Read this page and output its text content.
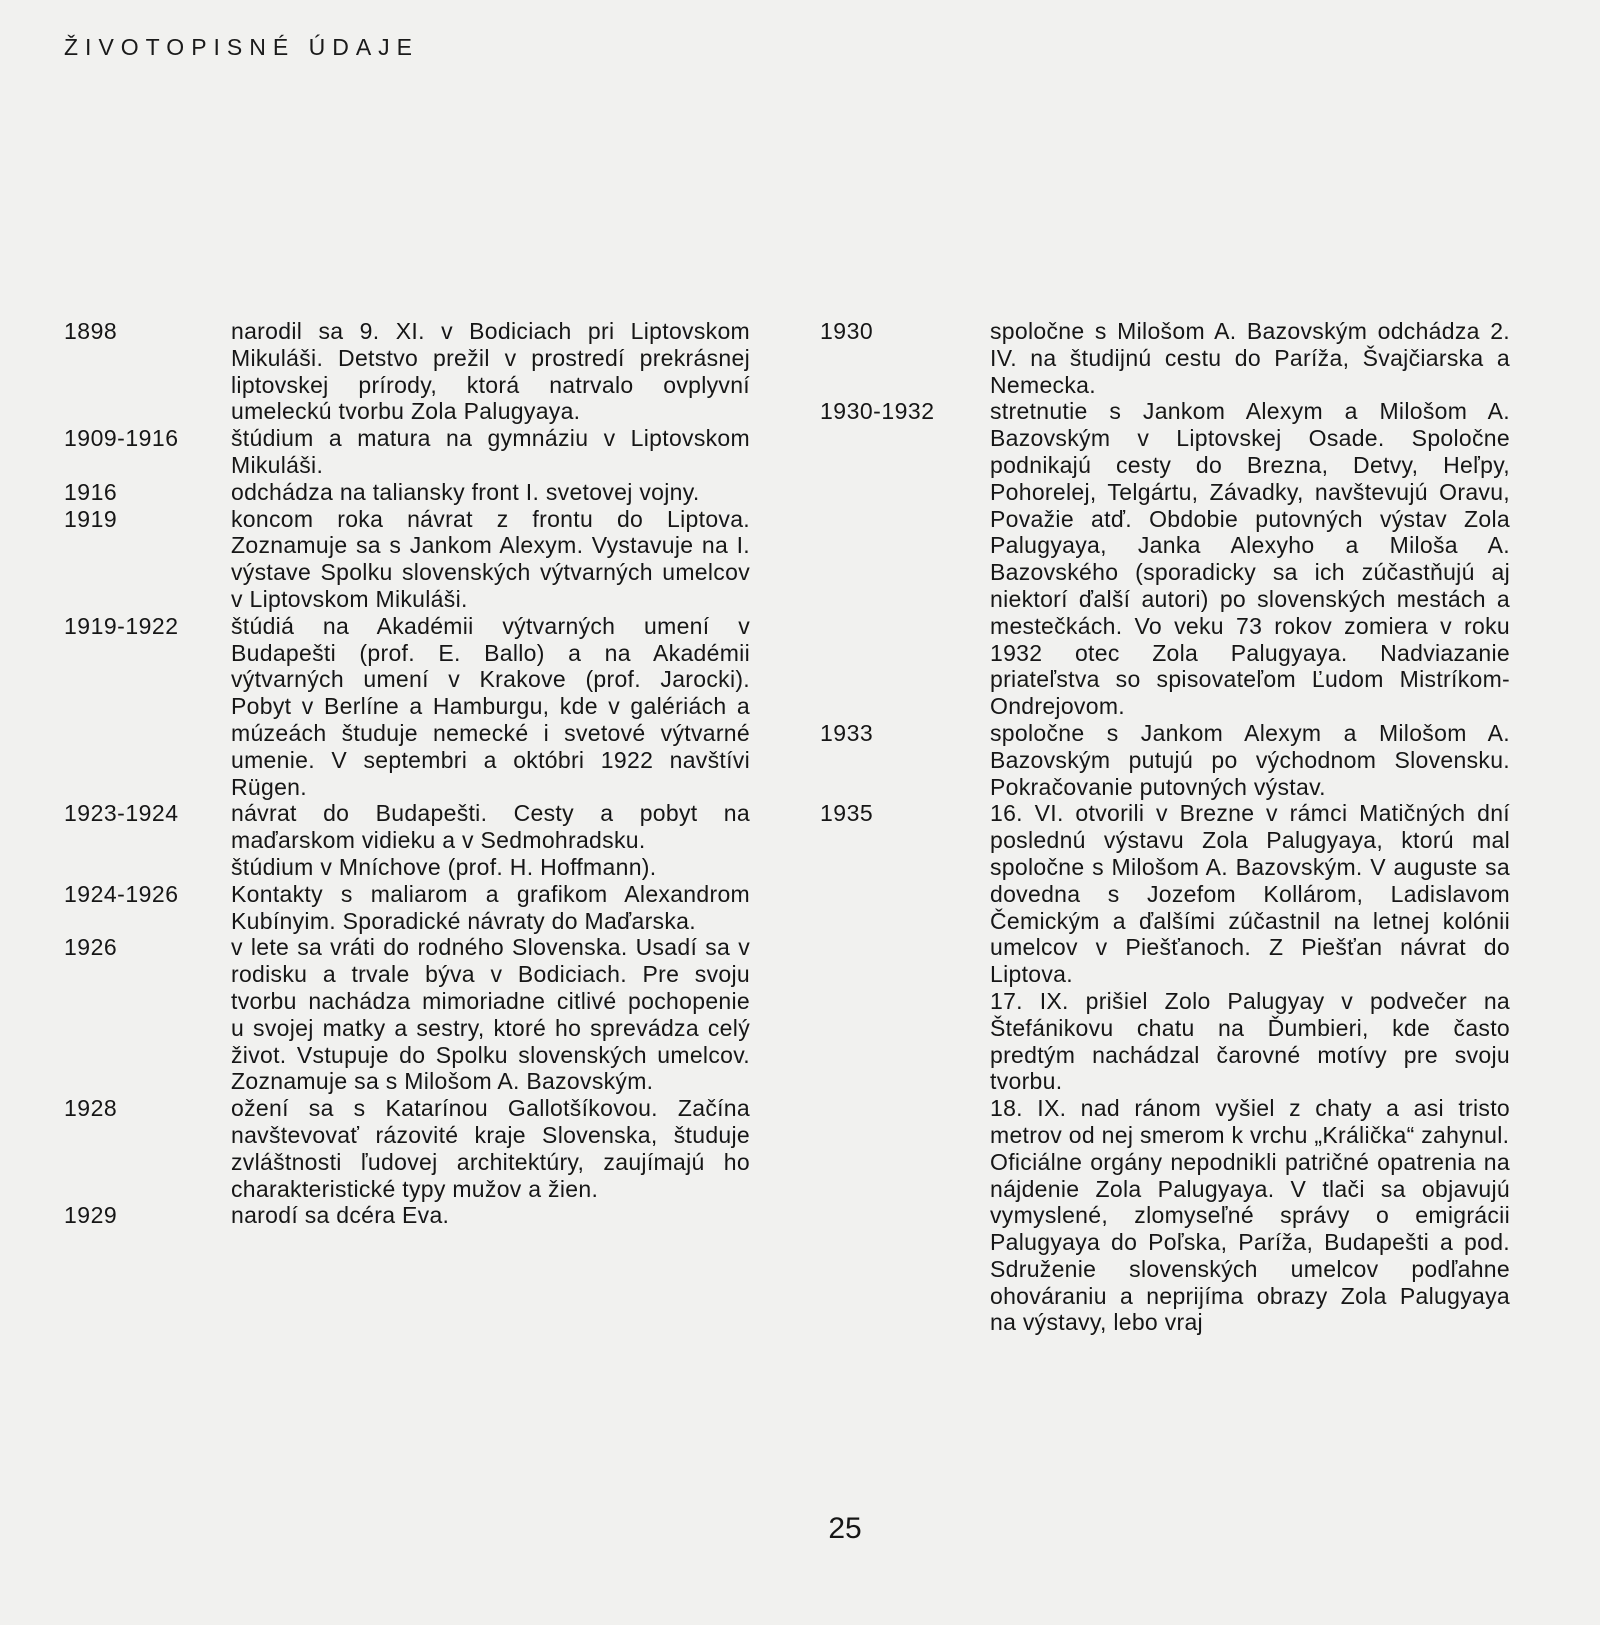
ŽIVOTOPISNÉ ÚDAJE
1898	narodil sa 9. XI. v Bodiciach pri Liptovskom Mikuláši. Detstvo prežil v prostredí prekrásnej liptovskej prírody, ktorá natrvalo ovplyvní umeleckú tvorbu Zola Palugyaya.
1909-1916	štúdium a matura na gymnáziu v Liptovskom Mikuláši.
1916	odchádza na taliansky front I. svetovej vojny.
1919	koncom roka návrat z frontu do Liptova. Zoznamuje sa s Jankom Alexym. Vystavuje na I. výstave Spolku slovenských výtvarných umelcov v Liptovskom Mikuláši.
1919-1922	štúdiá na Akadémii výtvarných umení v Budapešti (prof. E. Ballo) a na Akadémii výtvarných umení v Krakove (prof. Jarocki). Pobyt v Berlíne a Hamburgu, kde v galériách a múzeách študuje nemecké i svetové výtvarné umenie. V septembri a októbri 1922 navštívi Rügen.
1923-1924	návrat do Budapešti. Cesty a pobyt na maďarskom vidieku a v Sedmohradsku.
štúdium v Mníchove (prof. H. Hoffmann).
1924-1926	Kontakty s maliarom a grafikom Alexandrom Kubínyim. Sporadické návraty do Maďarska.
1926	v lete sa vráti do rodného Slovenska. Usadí sa v rodisku a trvale býva v Bodiciach. Pre svoju tvorbu nachádza mimoriadne citlivé pochopenie u svojej matky a sestry, ktoré ho sprevádza celý život. Vstupuje do Spolku slovenských umelcov. Zoznamuje sa s Milošom A. Bazovským.
1928	ožení sa s Katarínou Gallotšíkovou. Začína navštevovať rázovité kraje Slovenska, študuje zvláštnosti ľudovej architektúry, zaujímajú ho charakteristické typy mužov a žien.
1929	narodí sa dcéra Eva.
1930	spoločne s Milošom A. Bazovským odchádza 2. IV. na študijnú cestu do Paríža, Švajčiarska a Nemecka.
1930-1932	stretnutie s Jankom Alexym a Milošom A. Bazovským v Liptovskej Osade. Spoločne podnikajú cesty do Brezna, Detvy, Heľpy, Pohorelej, Telgártu, Závadky, navštevujú Oravu, Považie atď. Obdobie putovných výstav Zola Palugyaya, Janka Alexyho a Miloša A. Bazovského (sporadicky sa ich zúčastňujú aj niektorí ďalší autori) po slovenských mestách a mestečkách. Vo veku 73 rokov zomiera v roku 1932 otec Zola Palugyaya. Nadviazanie priateľstva so spisovateľom Ľudom Mistríkom-Ondrejovom.
1933	spoločne s Jankom Alexym a Milošom A. Bazovským putujú po východnom Slovensku. Pokračovanie putovných výstav.
1935	16. VI. otvorili v Brezne v rámci Matičných dní poslednú výstavu Zola Palugyaya, ktorú mal spoločne s Milošom A. Bazovským. V auguste sa dovedna s Jozefom Kollárom, Ladislavom Čemickým a ďalšími zúčastnil na letnej kolónii umelcov v Piešťanoch. Z Piešťan návrat do Liptova.
17. IX. prišiel Zolo Palugyay v podvečer na Štefánikovu chatu na Ďumbieri, kde často predtým nachádzal čarovné motívy pre svoju tvorbu.
18. IX. nad ránom vyšiel z chaty a asi tristo metrov od nej smerom k vrchu „Králička“ zahynul.
Oficiálne orgány nepodnikli patričné opatrenia na nájdenie Zola Palugyaya. V tlači sa objavujú vymyslené, zlomyseľné správy o emigrácii Palugyaya do Poľska, Paríža, Budapešti a pod. Sdruženie slovenských umelcov podľahne ohováraniu a neprijíma obrazy Zola Palugyaya na výstavy, lebo vraj
25
